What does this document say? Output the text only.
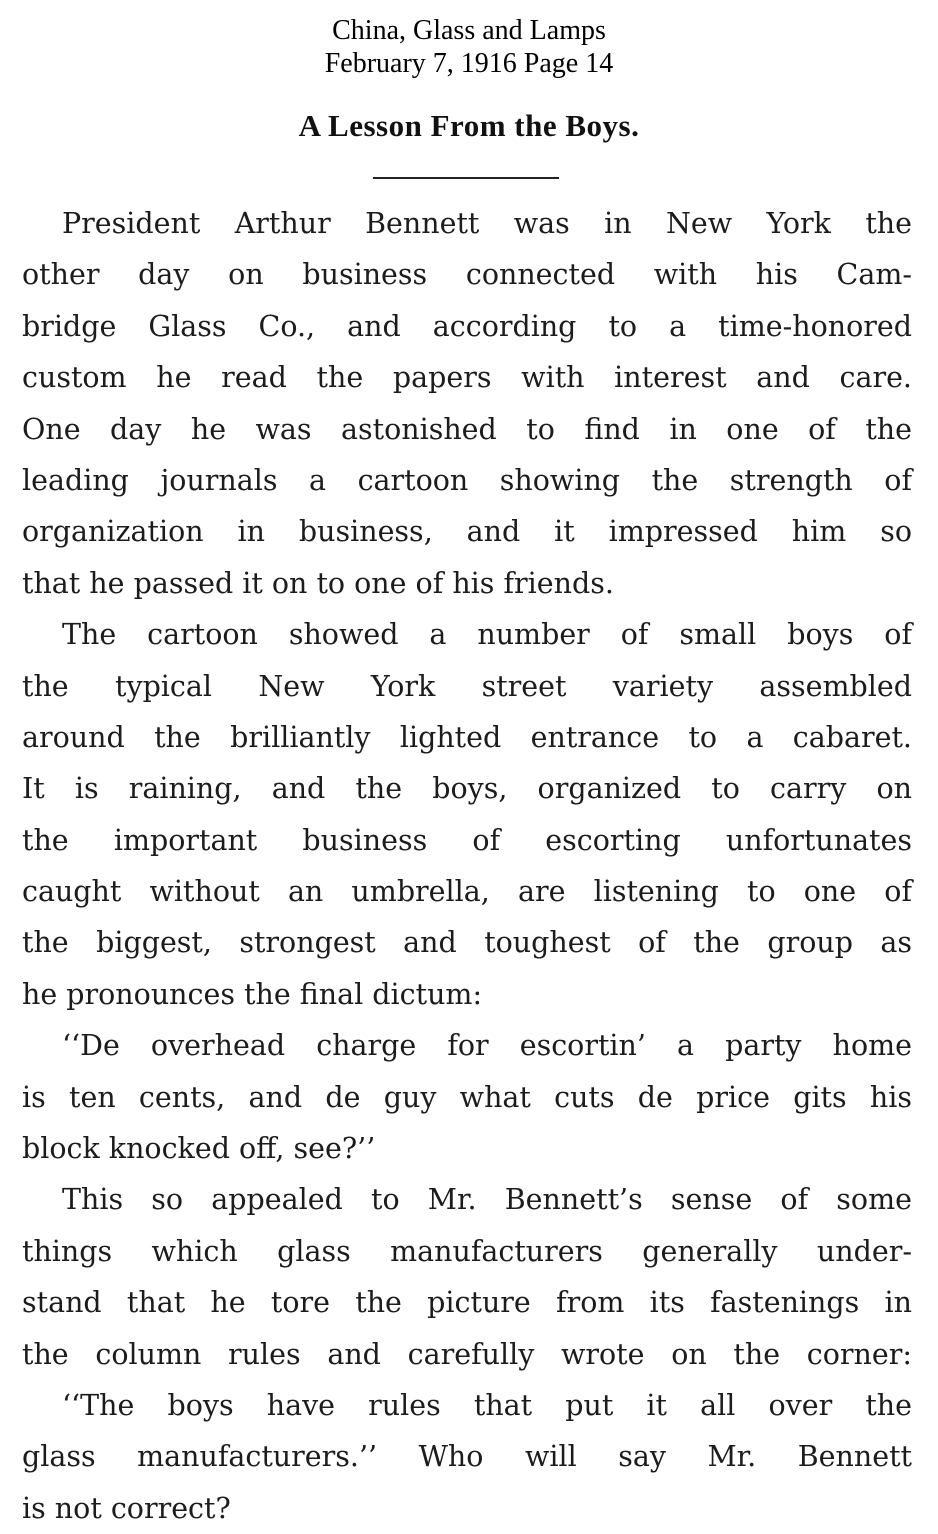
China, Glass and Lamps
February 7, 1916 Page 14
A Lesson From the Boys.
President Arthur Bennett was in New York the
other day on business connected with his Cam-
bridge Glass Co., and according to a time-honored
custom he read the papers with interest and care.
One day he was astonished to find in one of the
leading journals a cartoon showing the strength of
organization in business, and it impressed him so
that he passed it on to one of his friends.
The cartoon showed a number of small boys of
the typical New York street variety assembled
around the brilliantly lighted entrance to a cabaret.
It is raining, and the boys, organized to carry on
the important business of escorting unfortunates
caught without an umbrella, are listening to one of
the biggest, strongest and toughest of the group as
he pronounces the final dictum:
‘‘De overhead charge for escortin’ a party home
is ten cents, and de guy what cuts de price gits his
block knocked off, see?’’
This so appealed to Mr. Bennett’s sense of some
things which glass manufacturers generally under-
stand that he tore the picture from its fastenings in
the column rules and carefully wrote on the corner:
‘‘The boys have rules that put it all over the
glass manufacturers.’’ Who will say Mr. Bennett
is not correct?
